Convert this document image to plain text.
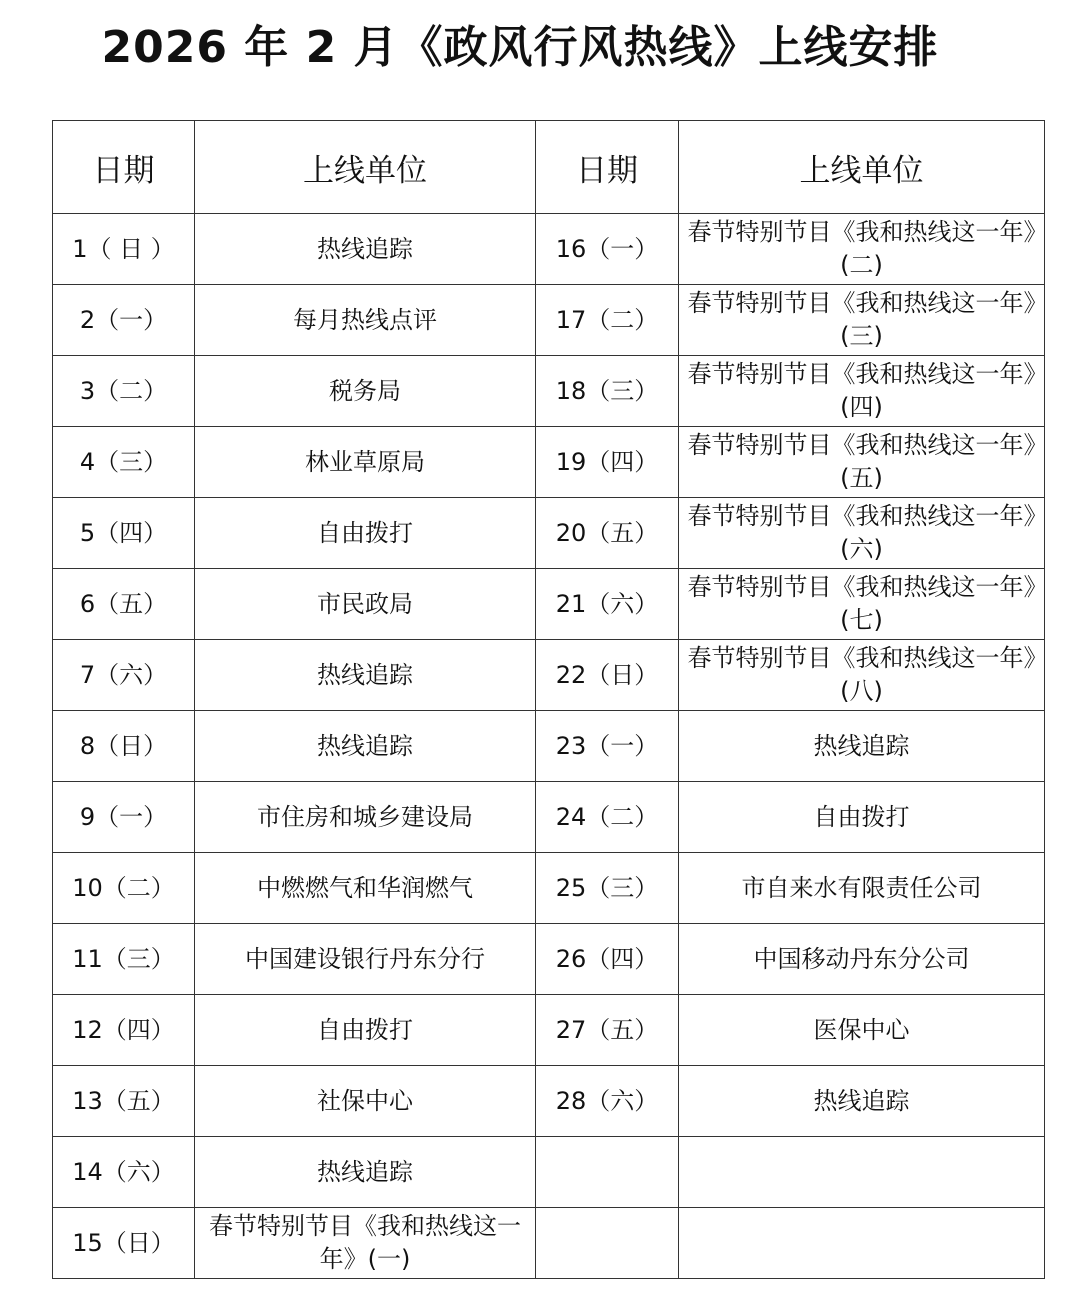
2026 年 2 月《政风行风热线》上线安排
日期	上线单位	日期	上线单位
1（ 日 ）	热线追踪	16（一）	春节特别节目《我和热线这一年》(二)
2（一）	每月热线点评	17（二）	春节特别节目《我和热线这一年》(三)
3（二）	税务局	18（三）	春节特别节目《我和热线这一年》(四)
4（三）	林业草原局	19（四）	春节特别节目《我和热线这一年》(五)
5（四）	自由拨打	20（五）	春节特别节目《我和热线这一年》(六)
6（五）	市民政局	21（六）	春节特别节目《我和热线这一年》(七)
7（六）	热线追踪	22（日）	春节特别节目《我和热线这一年》(八)
8（日）	热线追踪	23（一）	热线追踪
9（一）	市住房和城乡建设局	24（二）	自由拨打
10（二）	中燃燃气和华润燃气	25（三）	市自来水有限责任公司
11（三）	中国建设银行丹东分行	26（四）	中国移动丹东分公司
12（四）	自由拨打	27（五）	医保中心
13（五）	社保中心	28（六）	热线追踪
14（六）	热线追踪		
15（日）	春节特别节目《我和热线这一年》(一)		
